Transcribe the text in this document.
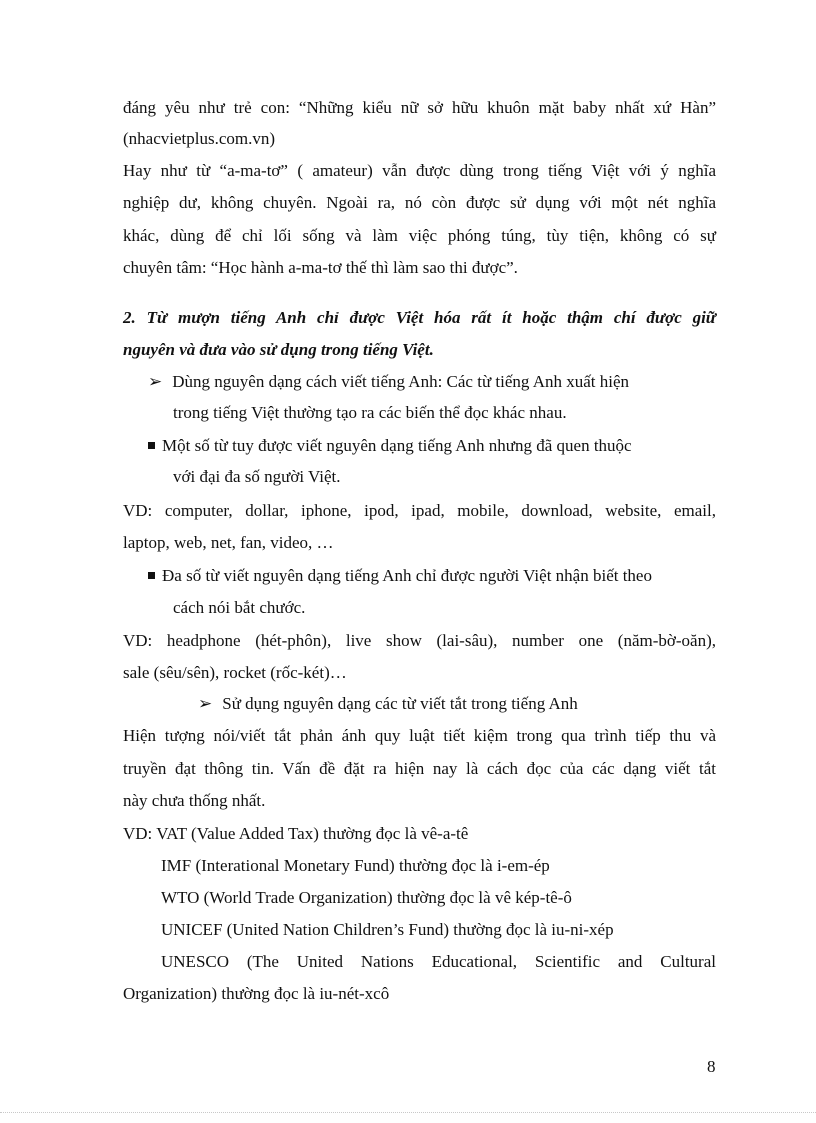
đáng yêu như trẻ con: “Những kiểu nữ sở hữu khuôn mặt baby nhất xứ Hàn”
(nhacvietplus.com.vn)
Hay như từ “a-ma-tơ” ( amateur) vẫn được dùng trong tiếng Việt với ý nghĩa
nghiệp dư, không chuyên. Ngoài ra, nó còn được sử dụng với một nét nghĩa
khác, dùng để chỉ lối sống và làm việc phóng túng, tùy tiện, không có sự
chuyên tâm: “Học hành a-ma-tơ thế thì làm sao thi được”.
2. Từ mượn tiếng Anh chỉ được Việt hóa rất ít hoặc thậm chí được giữ
nguyên và đưa vào sử dụng trong tiếng Việt.
➢ Dùng nguyên dạng cách viết tiếng Anh: Các từ tiếng Anh xuất hiện
trong tiếng Việt thường tạo ra các biến thể đọc khác nhau.
Một số từ tuy được viết nguyên dạng tiếng Anh nhưng đã quen thuộc
với đại đa số người Việt.
VD: computer, dollar, iphone, ipod, ipad, mobile, download, website, email,
laptop, web, net, fan, video, …
Đa số từ viết nguyên dạng tiếng Anh chỉ được người Việt nhận biết theo
cách nói bắt chước.
VD: headphone (hét-phôn), live show (lai-sâu), number one (năm-bờ-oăn),
sale (sêu/sên), rocket (rốc-két)…
➢ Sử dụng nguyên dạng các từ viết tắt trong tiếng Anh
Hiện tượng nói/viết tắt phản ánh quy luật tiết kiệm trong qua trình tiếp thu và
truyền đạt thông tin. Vấn đề đặt ra hiện nay là cách đọc của các dạng viết tắt
này chưa thống nhất.
VD: VAT (Value Added Tax) thường đọc là vê-a-tê
IMF (Interational Monetary Fund) thường đọc là i-em-ép
WTO (World Trade Organization) thường đọc là vê kép-tê-ô
UNICEF (United Nation Children’s Fund) thường đọc là iu-ni-xép
UNESCO (The United Nations Educational, Scientific and Cultural
Organization) thường đọc là iu-nét-xcô
8
